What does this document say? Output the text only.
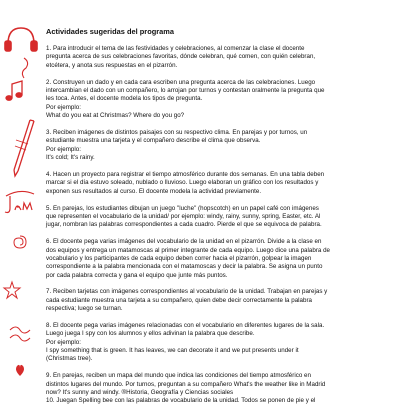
Actividades sugeridas del programa
1. Para introducir el tema de las festividades y celebraciones, al comenzar la clase el docente
pregunta acerca de sus celebraciones favoritas, dónde celebran, qué comen, con quién celebran,
etcétera, y anota sus respuestas en el pizarrón.
2. Construyen un dado y en cada cara escriben una pregunta acerca de las celebraciones. Luego
intercambian el dado con un compañero, lo arrojan por turnos y contestan oralmente la pregunta que
les toca. Antes, el docente modela los tipos de pregunta.
Por ejemplo:
What do you eat at Christmas? Where do you go?
3. Reciben imágenes de distintos paisajes con su respectivo clima. En parejas y por turnos, un
estudiante muestra una tarjeta y el compañero describe el clima que observa.
Por ejemplo:
It's cold; It's rainy.
4. Hacen un proyecto para registrar el tiempo atmosférico durante dos semanas. En una tabla deben
marcar si el día estuvo soleado, nublado o lluvioso. Luego elaboran un gráfico con los resultados y
exponen sus resultados al curso. El docente modela la actividad previamente.
5. En parejas, los estudiantes dibujan un juego "luche" (hopscotch) en un papel café con imágenes
que representen el vocabulario de la unidad/ por ejemplo: windy, rainy, sunny, spring, Easter, etc. Al
jugar, nombran las palabras correspondientes a cada cuadro. Pierde el que se equivoca de palabra.
6. El docente pega varias imágenes del vocabulario de la unidad en el pizarrón. Divide a la clase en
dos equipos y entrega un matamoscas al primer integrante de cada equipo. Luego dice una palabra de
vocabulario y los participantes de cada equipo deben correr hacia el pizarrón, golpear la imagen
correspondiente a la palabra mencionada con el matamoscas y decir la palabra. Se asigna un punto
por cada palabra correcta y gana el equipo que junte más puntos.
7. Reciben tarjetas con imágenes correspondientes al vocabulario de la unidad. Trabajan en parejas y
cada estudiante muestra una tarjeta a su compañero, quien debe decir correctamente la palabra
respectiva; luego se turnan.
8. El docente pega varias imágenes relacionadas con el vocabulario en diferentes lugares de la sala.
Luego juega I spy con los alumnos y ellos adivinan la palabra que describe.
Por ejemplo:
I spy something that is green. It has leaves, we can decorate it and we put presents under it
(Christmas tree).
9. En parejas, reciben un mapa del mundo que indica las condiciones del tiempo atmosférico en
distintos lugares del mundo. Por turnos, preguntan a su compañero What's the weather like in Madrid
now? It's sunny and windy. ®Historia, Geografía y Ciencias sociales
10. Juegan Spelling bee con las palabras de vocabulario de la unidad. Todos se ponen de pie y el
